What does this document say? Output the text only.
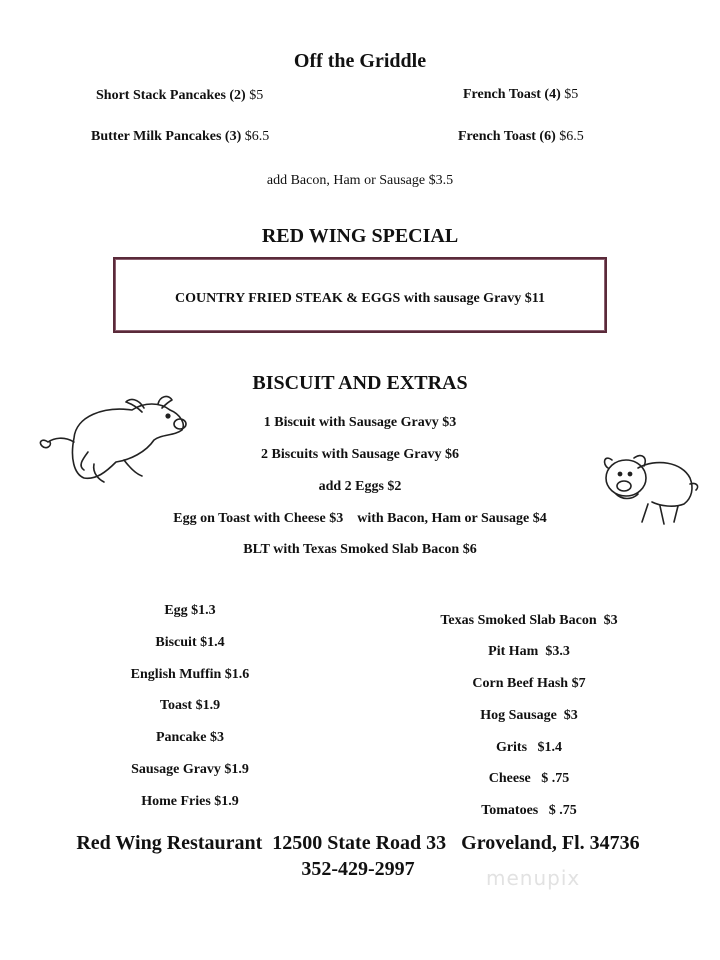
Off the Griddle
Short Stack Pancakes (2) $5	French Toast (4) $5
Butter Milk Pancakes (3) $6.5	French Toast (6) $6.5
add Bacon, Ham or Sausage $3.5
RED WING SPECIAL
COUNTRY FRIED STEAK & EGGS with sausage Gravy $11
BISCUIT AND EXTRAS
1 Biscuit with Sausage Gravy $3
2 Biscuits with Sausage Gravy $6
add 2 Eggs $2
Egg on Toast with Cheese $3    with Bacon, Ham or Sausage $4
BLT with Texas Smoked Slab Bacon $6
Egg $1.3
Biscuit $1.4
English Muffin $1.6
Toast $1.9
Pancake $3
Sausage Gravy $1.9
Home Fries $1.9
Texas Smoked Slab Bacon  $3
Pit Ham  $3.3
Corn Beef Hash $7
Hog Sausage  $3
Grits   $1.4
Cheese   $ .75
Tomatoes   $ .75
Red Wing Restaurant  12500 State Road 33   Groveland, Fl. 34736
352-429-2997	menupix
